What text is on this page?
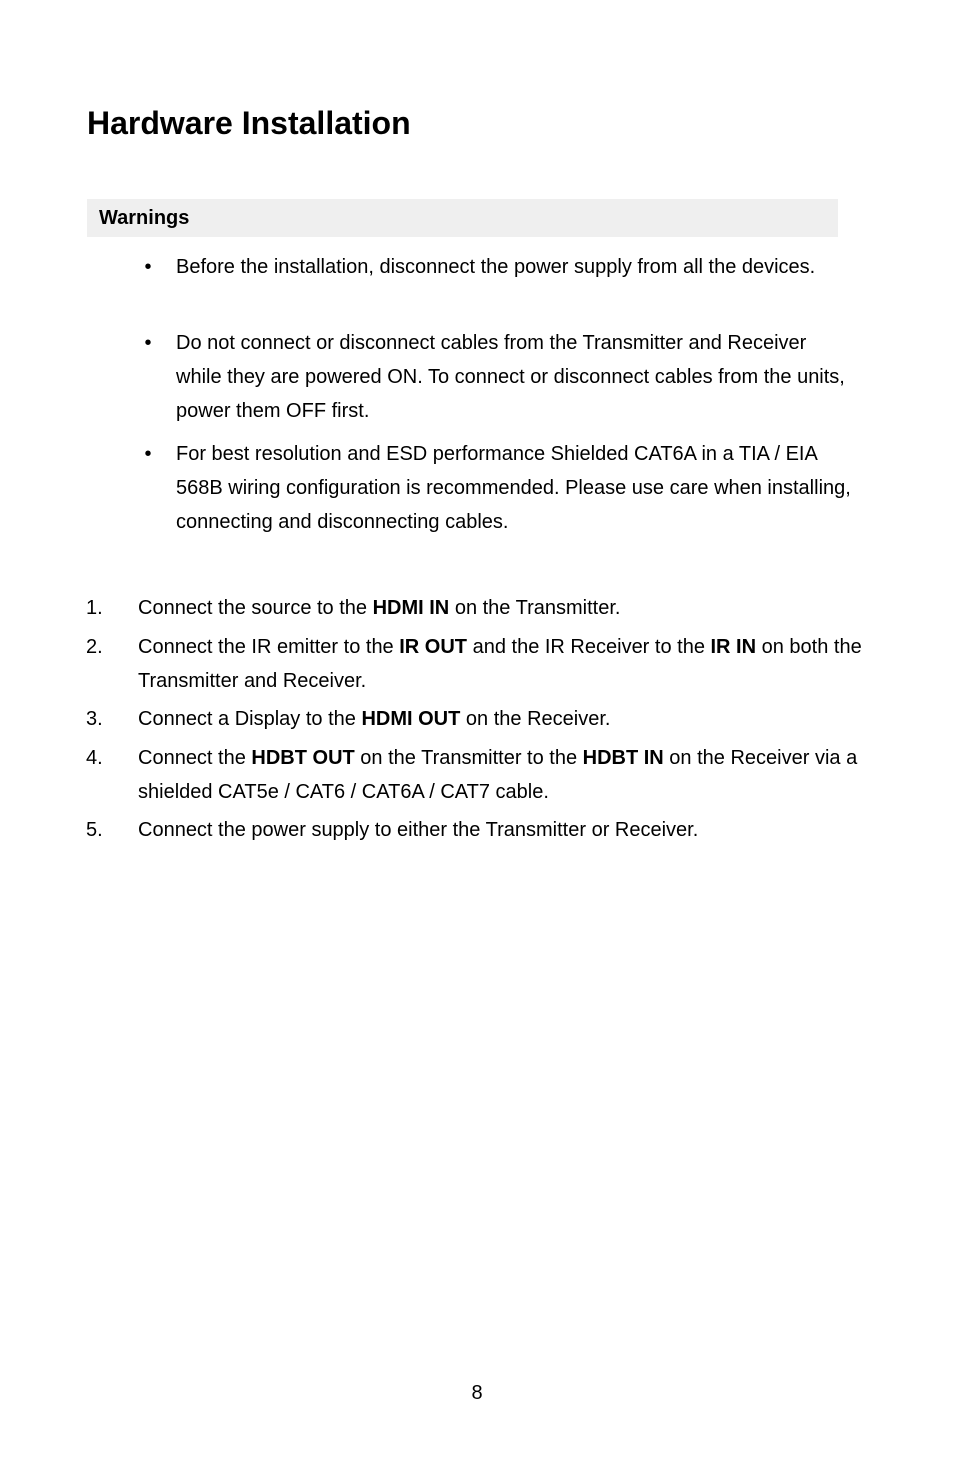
Hardware Installation
Warnings
•	Before the installation, disconnect the power supply from all the devices.
•	Do not connect or disconnect cables from the Transmitter and Receiver while they are powered ON. To connect or disconnect cables from the units, power them OFF first.
•	For best resolution and ESD performance Shielded CAT6A in a TIA / EIA 568B wiring configuration is recommended. Please use care when installing, connecting and disconnecting cables.
1. Connect the source to the HDMI IN on the Transmitter.
2. Connect the IR emitter to the IR OUT and the IR Receiver to the IR IN on both the Transmitter and Receiver.
3. Connect a Display to the HDMI OUT on the Receiver.
4. Connect the HDBT OUT on the Transmitter to the HDBT IN on the Receiver via a shielded CAT5e / CAT6 / CAT6A / CAT7 cable.
5. Connect the power supply to either the Transmitter or Receiver.
8
